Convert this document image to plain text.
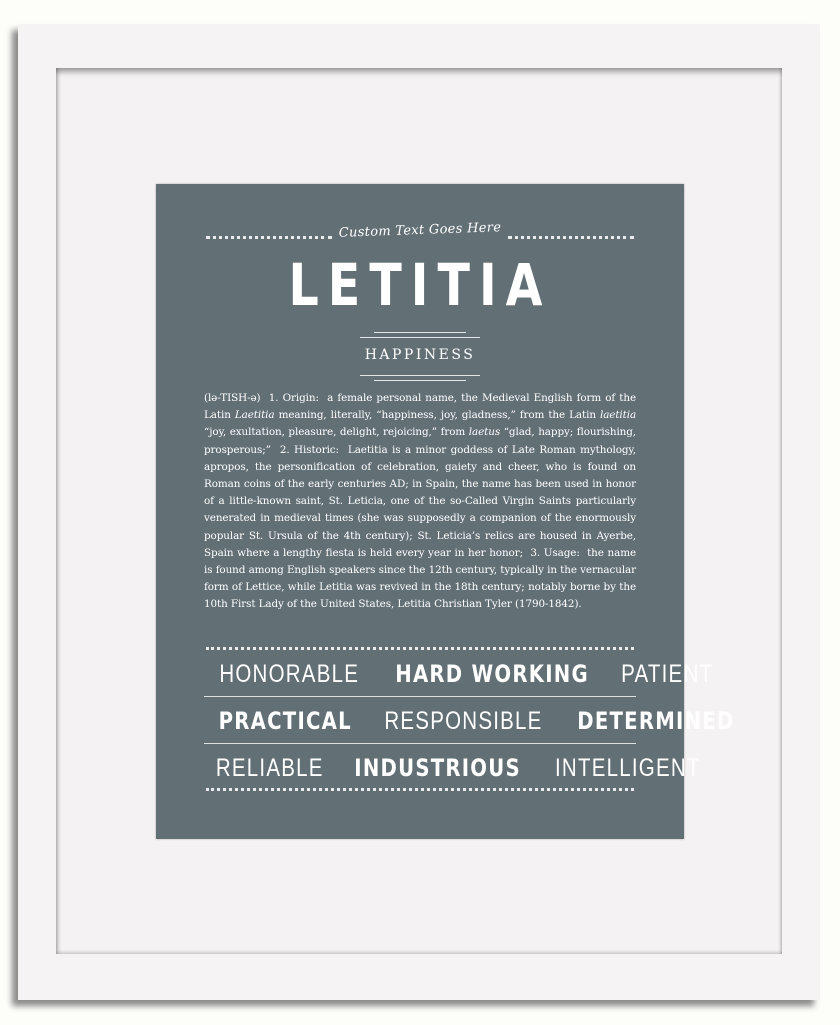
Custom Text Goes Here
LETITIA
HAPPINESS
(lə-TISH-ə) 1. Origin: a female personal name, the Medieval English form of the Latin Laetitia meaning, literally, “happiness, joy, gladness,” from the Latin laetitia “joy, exultation, pleasure, delight, rejoicing,” from laetus “glad, happy; flourishing, prosperous;” 2. Historic: Laetitia is a minor goddess of Late Roman mythology, apropos, the personification of celebration, gaiety and cheer, who is found on Roman coins of the early centuries AD; in Spain, the name has been used in honor of a little-known saint, St. Leticia, one of the so-Called Virgin Saints particularly venerated in medieval times (she was supposedly a companion of the enormously popular St. Ursula of the 4th century); St. Leticia’s relics are housed in Ayerbe, Spain where a lengthy fiesta is held every year in her honor; 3. Usage: the name is found among English speakers since the 12th century, typically in the vernacular form of Lettice, while Letitia was revived in the 18th century; notably borne by the 10th First Lady of the United States, Letitia Christian Tyler (1790-1842).
HONORABLE HARD WORKING PATIENT
PRACTICAL RESPONSIBLE DETERMINED
RELIABLE INDUSTRIOUS INTELLIGENT
